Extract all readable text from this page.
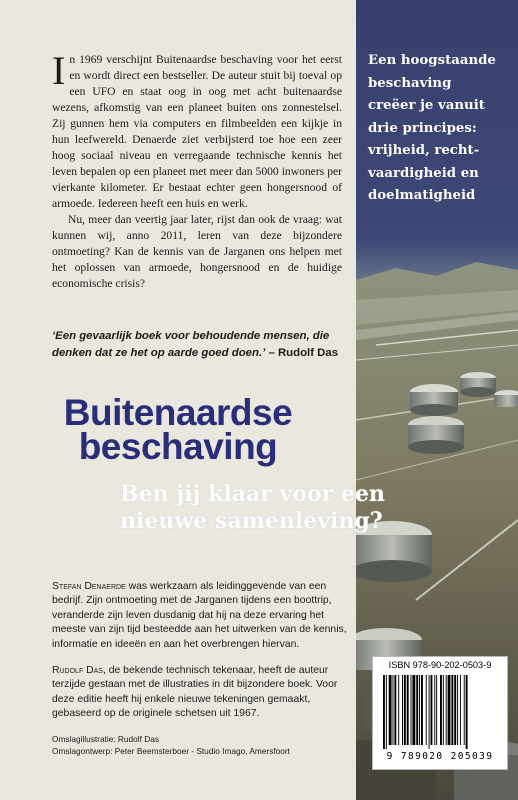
Een hoogstaande
beschaving
creëer je vanuit
drie principes:
vrijheid, recht-
vaardigheid en
doelmatigheid

In 1969 verschijnt Buitenaardse beschaving voor het eerst en wordt direct een bestseller. De auteur stuit bij toeval op een UFO en staat oog in oog met acht buitenaardse wezens, afkomstig van een planeet buiten ons zonnestelsel. Zij gunnen hem via computers en filmbeelden een kijkje in hun leefwereld. Denaerde ziet verbijsterd toe hoe een zeer hoog sociaal niveau en verregaande technische kennis het leven bepalen op een planeet met meer dan 5000 inwoners per vierkante kilometer. Er bestaat echter geen hongersnood of armoede. Iedereen heeft een huis en werk.

Nu, meer dan veertig jaar later, rijst dan ook de vraag: wat kunnen wij, anno 2011, leren van deze bijzondere ontmoeting? Kan de kennis van de Jarganen ons helpen met het oplossen van armoede, hongersnood en de huidige economische crisis?

‘Een gevaarlijk boek voor behoudende mensen, die denken dat ze het op aarde goed doen.’ – Rudolf Das
Buitenaardse
beschaving
Ben jij klaar voor een
nieuwe samenleving?

Stefan Denaerde was werkzaam als leidinggevende van een bedrijf. Zijn ontmoeting met de Jarganen tijdens een boottrip, veranderde zijn leven dusdanig dat hij na deze ervaring het meeste van zijn tijd besteedde aan het uitwerken van de kennis, informatie en ideeën en aan het overbrengen hiervan.

Rudolf Das, de bekende technisch tekenaar, heeft de auteur terzijde gestaan met de illustraties in dit bijzondere boek. Voor deze editie heeft hij enkele nieuwe tekeningen gemaakt, gebaseerd op de originele schetsen uit 1967.

Omslagillustratie: Rudolf Das
Omslagontwerp: Peter Beemsterboer - Studio Imago, Amersfoort
ISBN 978-90-202-0503-9
9 789020 205039
